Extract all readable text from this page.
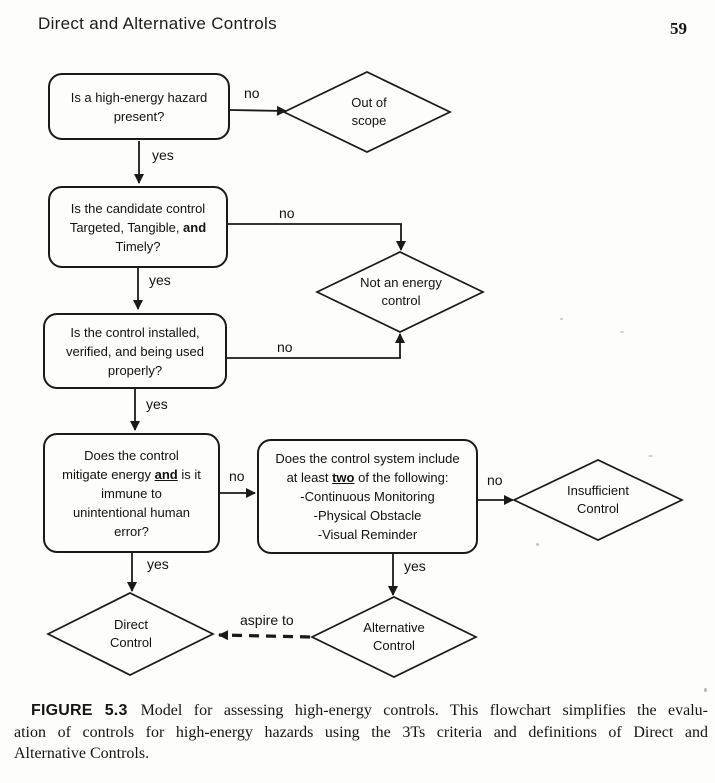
Direct and Alternative Controls	59
Is a high-energy hazard
present?
Is the candidate control
Targeted, Tangible, and
Timely?
Is the control installed,
verified, and being used
properly?
Does the control
mitigate energy and is it
immune to
unintentional human
error?
Does the control system include
at least two of the following:
-Continuous Monitoring
-Physical Obstacle
-Visual Reminder
Out of
scope
Not an energy
control
Insufficient
Control
Direct
Control
Alternative
Control
no
yes
no
yes
no
yes
no	no
yes	yes
aspire to
FIGURE 5.3 Model for assessing high-energy controls. This flowchart simplifies the evalu-
ation of controls for high-energy hazards using the 3Ts criteria and definitions of Direct and
Alternative Controls.
